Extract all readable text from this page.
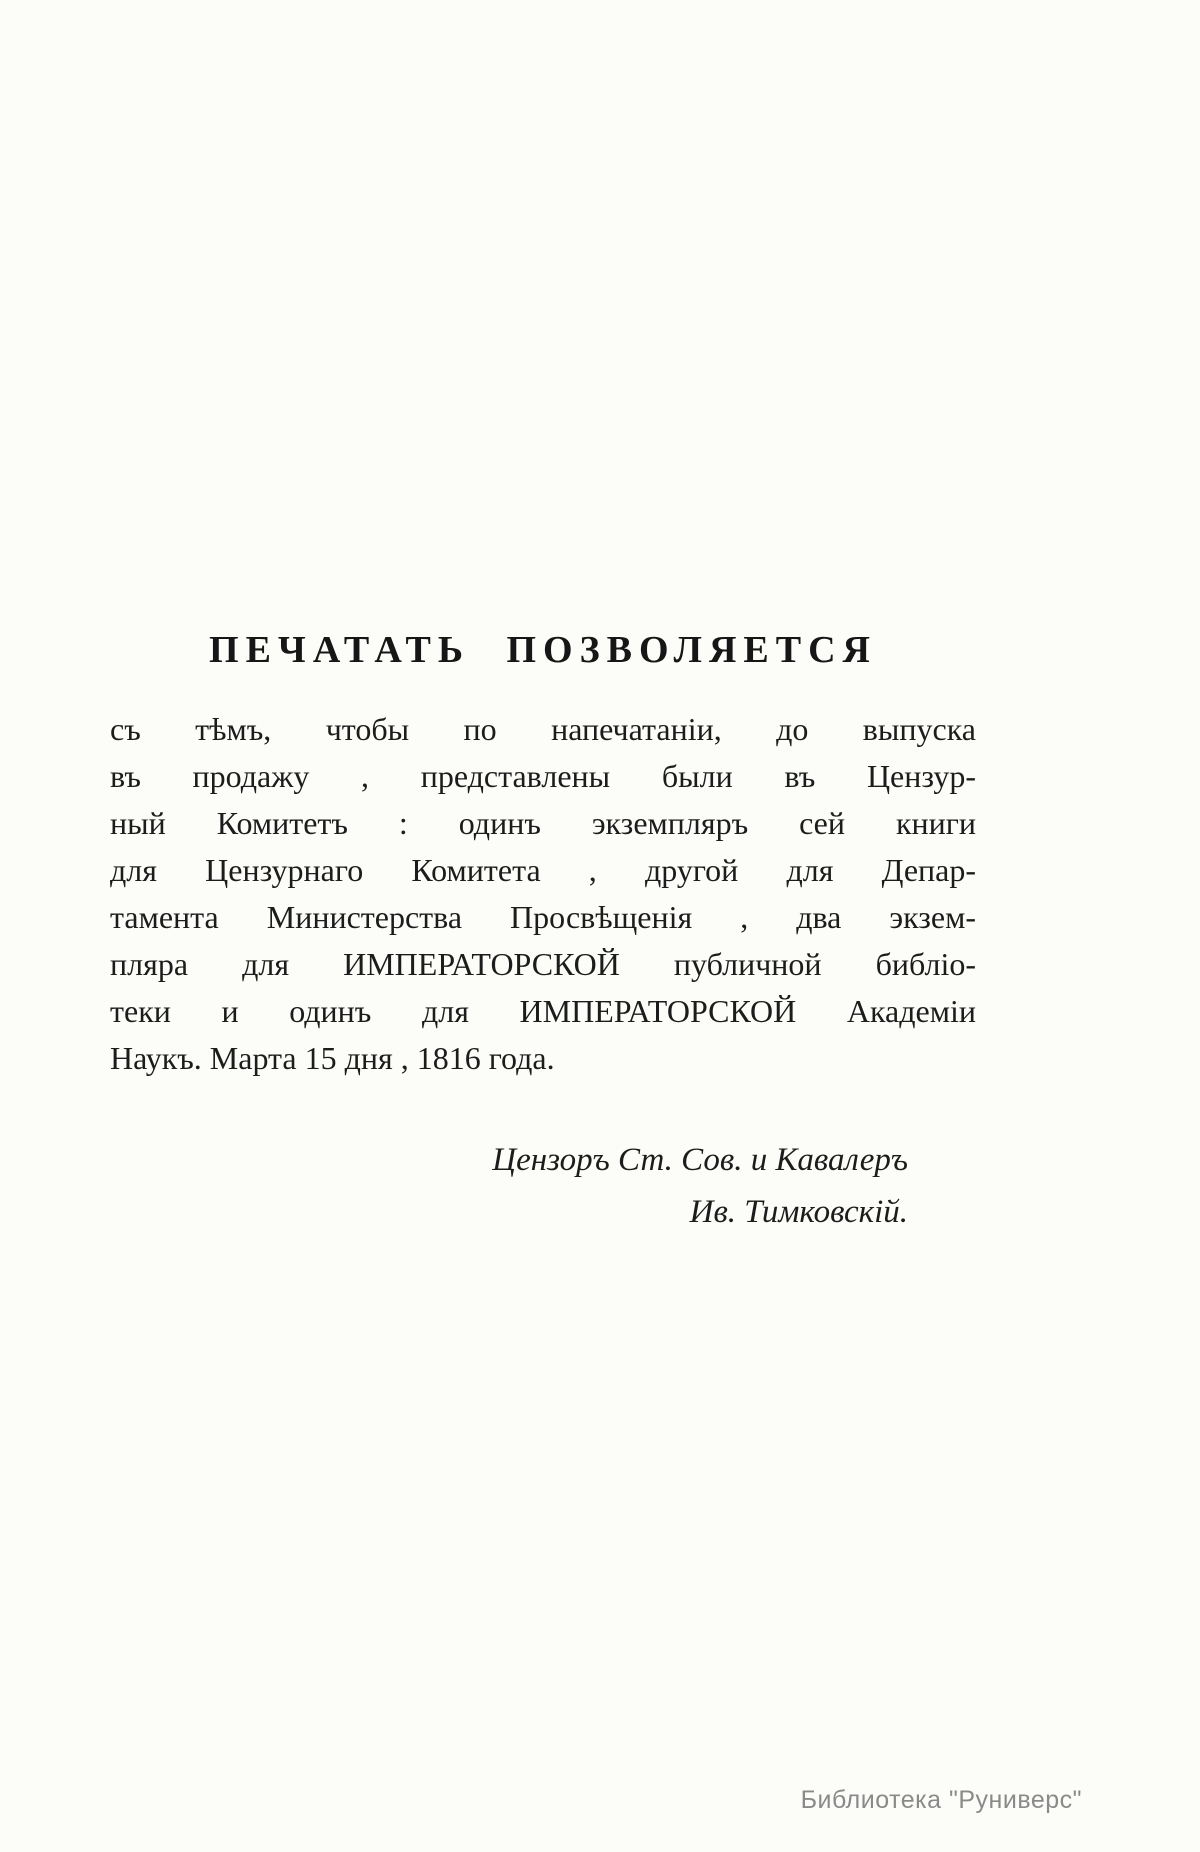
ПЕЧАТАТЬ ПОЗВОЛЯЕТСЯ
съ тѣмъ, чтобы по напечатаніи, до выпуска
въ продажу , представлены были въ Цензур-
ный Комитетъ : одинъ экземпляръ сей книги
для Цензурнаго Комитета , другой для Депар-
тамента Министерства Просвѣщенія , два экзем-
пляра для ИМПЕРАТОРСКОЙ публичной библіо-
теки и одинъ для ИМПЕРАТОРСКОЙ Академіи
Наукъ. Марта 15 дня , 1816 года.
Цензоръ Ст. Сов. и Кавалеръ
Ив. Тимковскій.
Библиотека "Руниверс"
